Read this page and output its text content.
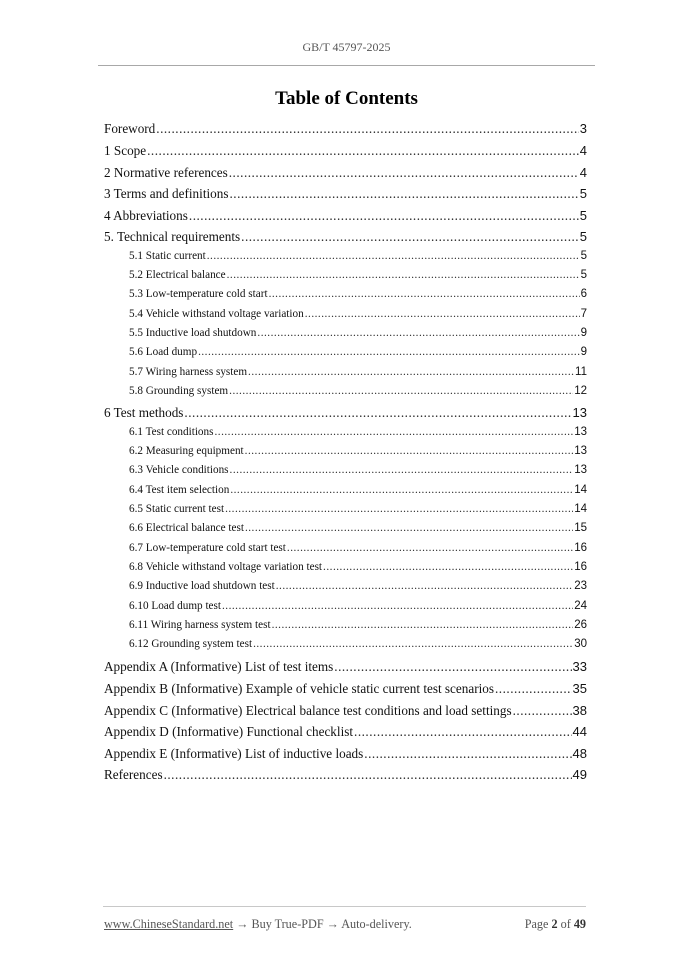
GB/T 45797-2025
Table of Contents
Foreword .....	3
1 Scope .....	4
2 Normative references .....	4
3 Terms and definitions .....	5
4 Abbreviations .....	5
5. Technical requirements .....	5
5.1 Static current .....	5
5.2 Electrical balance .....	5
5.3 Low-temperature cold start .....	6
5.4 Vehicle withstand voltage variation .....	7
5.5 Inductive load shutdown .....	9
5.6 Load dump .....	9
5.7 Wiring harness system .....	11
5.8 Grounding system .....	12
6 Test methods .....	13
6.1 Test conditions .....	13
6.2 Measuring equipment .....	13
6.3 Vehicle conditions .....	13
6.4 Test item selection .....	14
6.5 Static current test .....	14
6.6 Electrical balance test .....	15
6.7 Low-temperature cold start test .....	16
6.8 Vehicle withstand voltage variation test .....	16
6.9 Inductive load shutdown test .....	23
6.10 Load dump test .....	24
6.11 Wiring harness system test .....	26
6.12 Grounding system test .....	30
Appendix A (Informative) List of test items .....	33
Appendix B (Informative) Example of vehicle static current test scenarios .....	35
Appendix C (Informative) Electrical balance test conditions and load settings .....	38
Appendix D (Informative) Functional checklist .....	44
Appendix E (Informative) List of inductive loads .....	48
References .....	49
www.ChineseStandard.net → Buy True-PDF → Auto-delivery.	Page 2 of 49
